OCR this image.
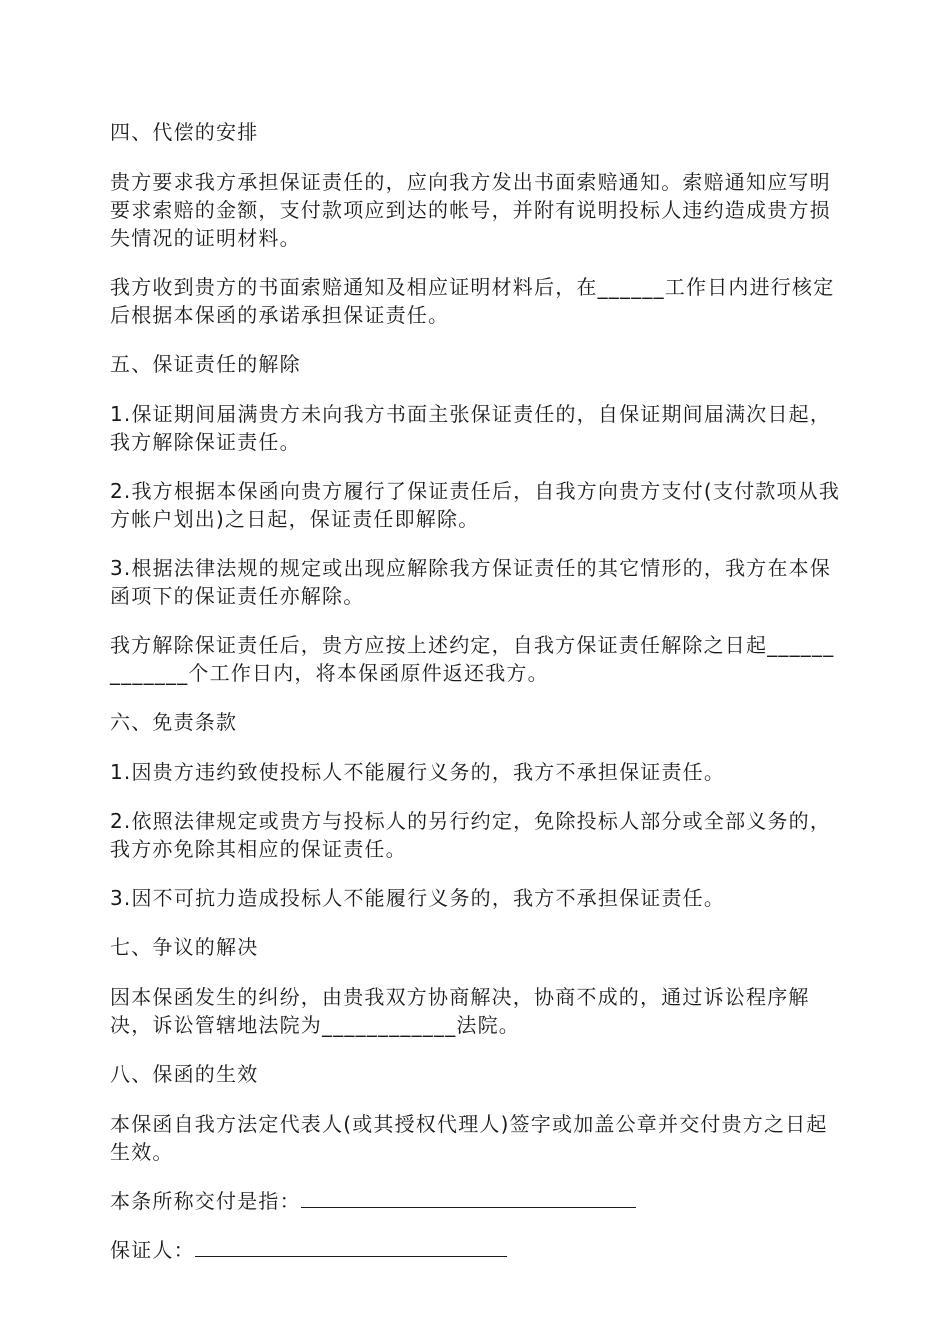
四、代偿的安排

贵方要求我方承担保证责任的，应向我方发出书面索赔通知。索赔通知应写明要求索赔的金额，支付款项应到达的帐号，并附有说明投标人违约造成贵方损失情况的证明材料。

我方收到贵方的书面索赔通知及相应证明材料后，在______工作日内进行核定后根据本保函的承诺承担保证责任。

五、保证责任的解除

1.保证期间届满贵方未向我方书面主张保证责任的，自保证期间届满次日起，我方解除保证责任。

2.我方根据本保函向贵方履行了保证责任后，自我方向贵方支付(支付款项从我方帐户划出)之日起，保证责任即解除。

3.根据法律法规的规定或出现应解除我方保证责任的其它情形的，我方在本保函项下的保证责任亦解除。

我方解除保证责任后，贵方应按上述约定，自我方保证责任解除之日起_____________个工作日内，将本保函原件返还我方。

六、免责条款

1.因贵方违约致使投标人不能履行义务的，我方不承担保证责任。

2.依照法律规定或贵方与投标人的另行约定，免除投标人部分或全部义务的，我方亦免除其相应的保证责任。

3.因不可抗力造成投标人不能履行义务的，我方不承担保证责任。

七、争议的解决

因本保函发生的纠纷，由贵我双方协商解决，协商不成的，通过诉讼程序解决，诉讼管辖地法院为____________法院。

八、保函的生效

本保函自我方法定代表人(或其授权代理人)签字或加盖公章并交付贵方之日起生效。

本条所称交付是指：

保证人：
